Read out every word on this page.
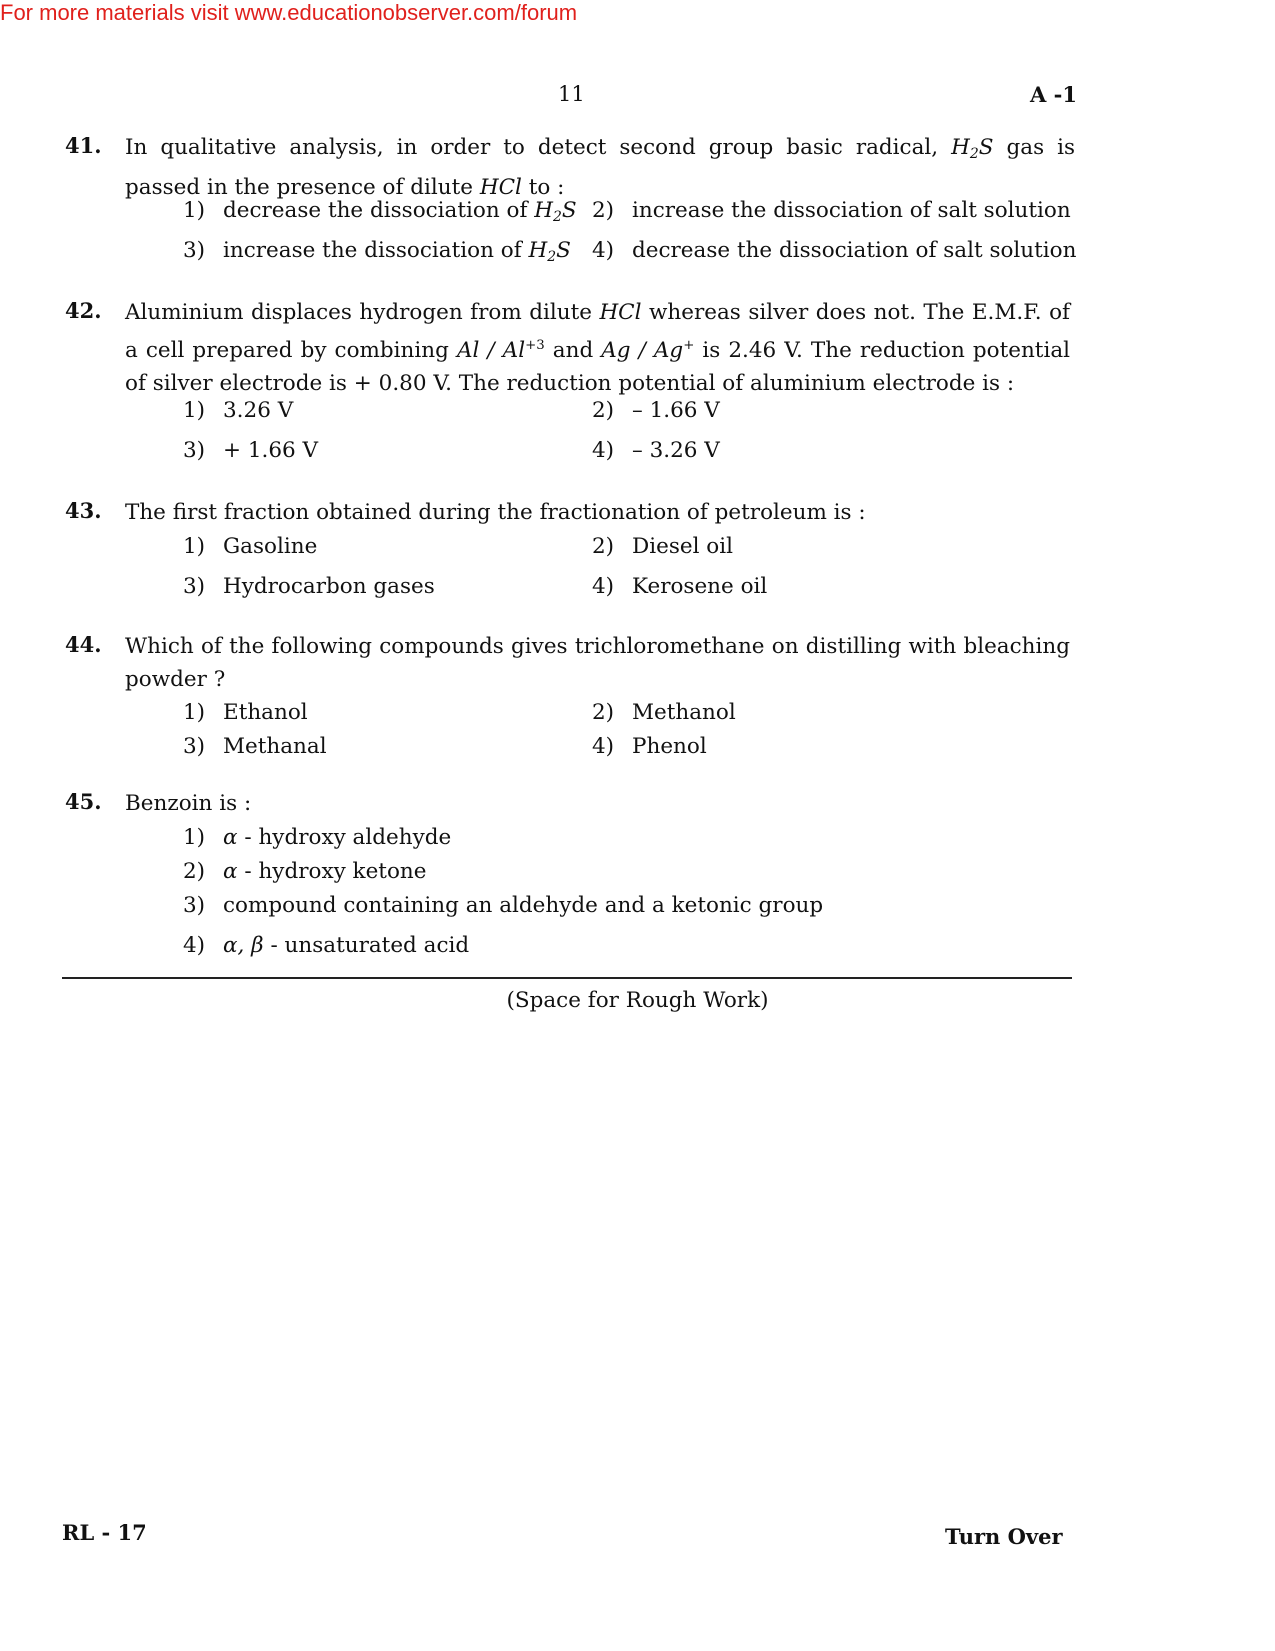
For more materials visit www.educationobserver.com/forum
11	A -1
41. In qualitative analysis, in order to detect second group basic radical, $H_2S$ gas is passed in the presence of dilute HCl to :
1) decrease the dissociation of $H_2S$ 2) increase the dissociation of salt solution
3) increase the dissociation of $H_2S$ 4) decrease the dissociation of salt solution
42. Aluminium displaces hydrogen from dilute HCl whereas silver does not. The E.M.F. of a cell prepared by combining Al / $Al^{+3}$ and Ag / Ag+ is 2.46 V. The reduction potential of silver electrode is + 0.80 V. The reduction potential of aluminium electrode is :
1) 3.26 V	2) – 1.66 V
3) + 1.66 V	4) – 3.26 V
43. The first fraction obtained during the fractionation of petroleum is :
1) Gasoline	2) Diesel oil
3) Hydrocarbon gases	4) Kerosene oil
44. Which of the following compounds gives trichloromethane on distilling with bleaching powder ?
1) Ethanol	2) Methanol
3) Methanal	4) Phenol
45. Benzoin is :
1) α - hydroxy aldehyde
2) α - hydroxy ketone
3) compound containing an aldehyde and a ketonic group
4) α, β - unsaturated acid
(Space for Rough Work)
RL - 17	Turn Over
